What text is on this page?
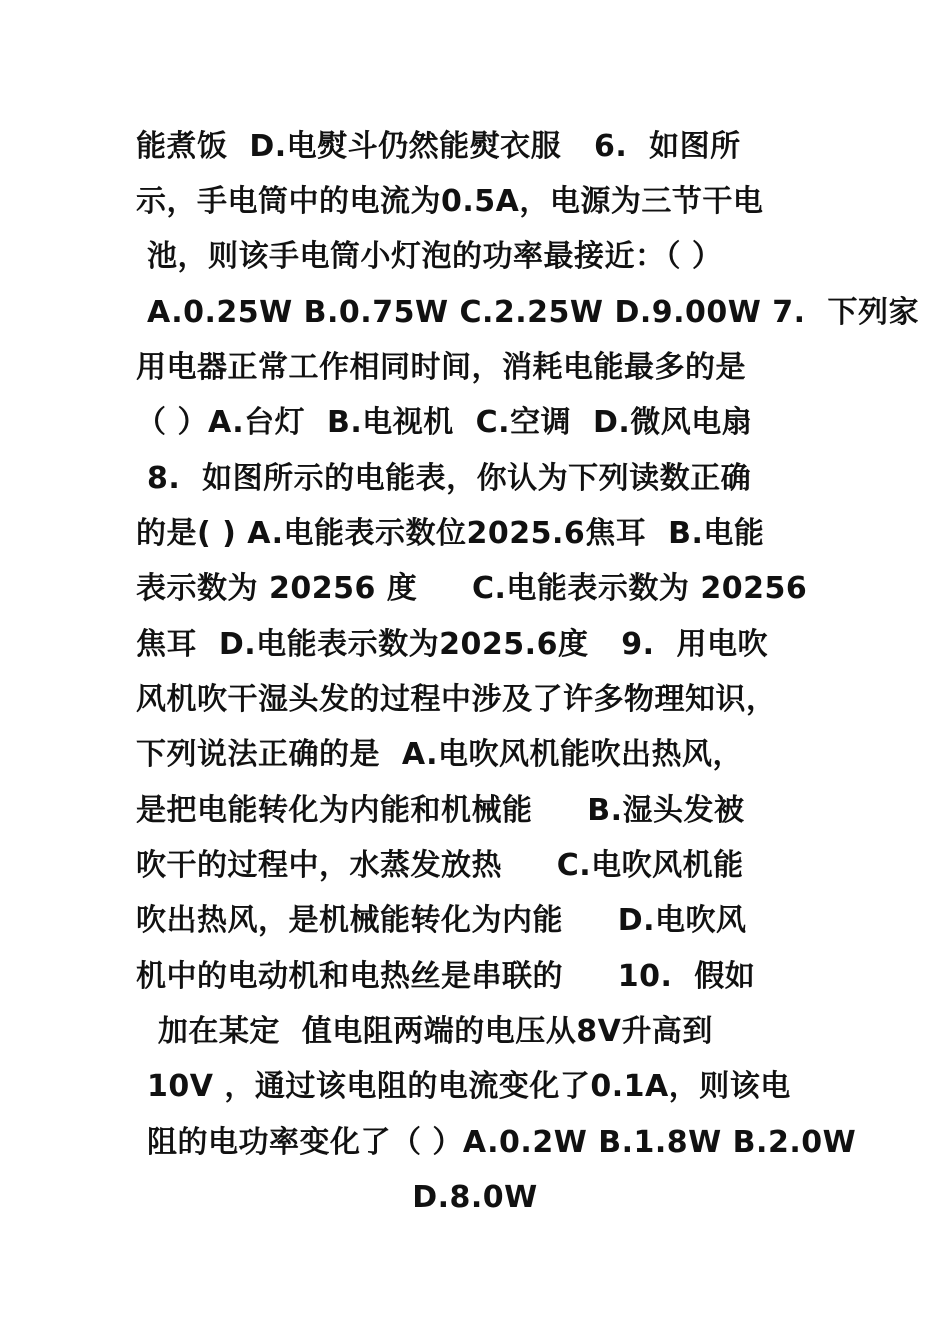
能煮饭  D.电熨斗仍然能熨衣服   6.  如图所
示，手电筒中的电流为0.5A，电源为三节干电
池，则该手电筒小灯泡的功率最接近：（ ）
A.0.25W B.0.75W C.2.25W D.9.00W 7.  下列家
用电器正常工作相同时间，消耗电能最多的是
（ ）A.台灯  B.电视机  C.空调  D.微风电扇
8.  如图所示的电能表，你认为下列读数正确
的是( ) A.电能表示数位2025.6焦耳  B.电能
表示数为 20256 度     C.电能表示数为 20256
焦耳  D.电能表示数为2025.6度   9.  用电吹
风机吹干湿头发的过程中涉及了许多物理知识，
下列说法正确的是  A.电吹风机能吹出热风，
是把电能转化为内能和机械能     B.湿头发被
吹干的过程中，水蒸发放热     C.电吹风机能
吹出热风，是机械能转化为内能     D.电吹风
机中的电动机和电热丝是串联的     10.  假如
加在某定  值电阻两端的电压从8V升高到
10V ，通过该电阻的电流变化了0.1A，则该电
阻的电功率变化了（ ）A.0.2W B.1.8W B.2.0W
D.8.0W
